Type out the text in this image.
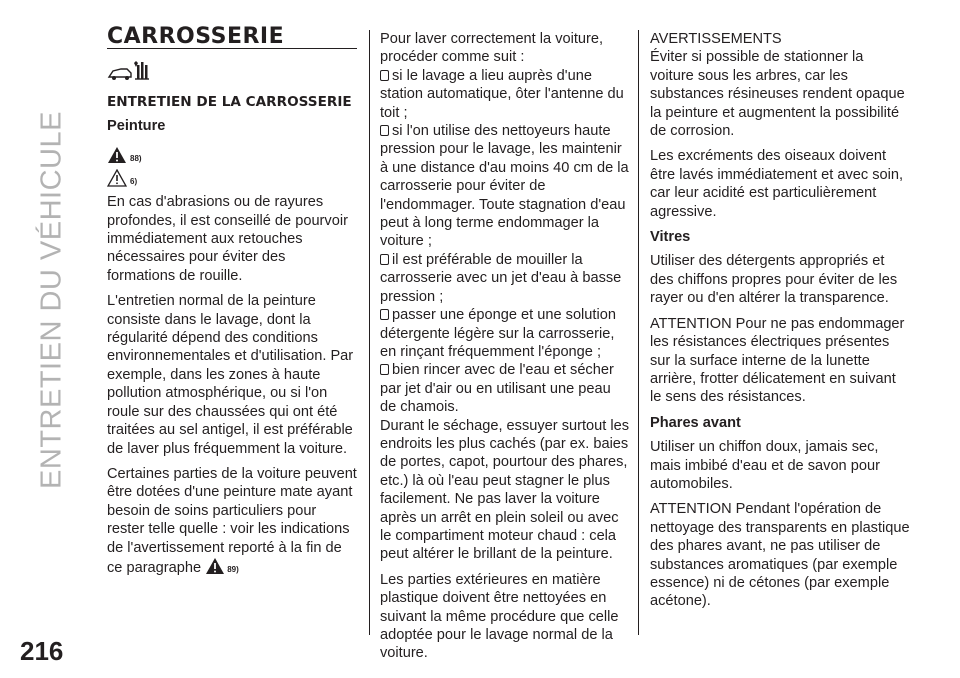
ENTRETIEN DU VÉHICULE
216
CARROSSERIE
ENTRETIEN DE LA CARROSSERIE

Peinture

88)
6)

En cas d'abrasions ou de rayures profondes, il est conseillé de pourvoir immédiatement aux retouches nécessaires pour éviter des formations de rouille.

L'entretien normal de la peinture consiste dans le lavage, dont la régularité dépend des conditions environnementales et d'utilisation. Par exemple, dans les zones à haute pollution atmosphérique, ou si l'on roule sur des chaussées qui ont été traitées au sel antigel, il est préférable de laver plus fréquemment la voiture.

Certaines parties de la voiture peuvent être dotées d'une peinture mate ayant besoin de soins particuliers pour rester telle quelle : voir les indications de l'avertissement reporté à la fin de ce paragraphe	89)

Pour laver correctement la voiture, procéder comme suit :

si le lavage a lieu auprès d'une station automatique, ôter l'antenne du toit ;

si l'on utilise des nettoyeurs haute pression pour le lavage, les maintenir à une distance d'au moins 40 cm de la carrosserie pour éviter de l'endommager. Toute stagnation d'eau peut à long terme endommager la voiture ;

il est préférable de mouiller la carrosserie avec un jet d'eau à basse pression ;

passer une éponge et une solution détergente légère sur la carrosserie, en rinçant fréquemment l'éponge ;

bien rincer avec de l'eau et sécher par jet d'air ou en utilisant une peau de chamois.

Durant le séchage, essuyer surtout les endroits les plus cachés (par ex. baies de portes, capot, pourtour des phares, etc.) là où l'eau peut stagner le plus facilement. Ne pas laver la voiture après un arrêt en plein soleil ou avec le compartiment moteur chaud : cela peut altérer le brillant de la peinture.

Les parties extérieures en matière plastique doivent être nettoyées en suivant la même procédure que celle adoptée pour le lavage normal de la voiture.

AVERTISSEMENTS

Éviter si possible de stationner la voiture sous les arbres, car les substances résineuses rendent opaque la peinture et augmentent la possibilité de corrosion.

Les excréments des oiseaux doivent être lavés immédiatement et avec soin, car leur acidité est particulièrement agressive.

Vitres

Utiliser des détergents appropriés et des chiffons propres pour éviter de les rayer ou d'en altérer la transparence.

ATTENTION Pour ne pas endommager les résistances électriques présentes sur la surface interne de la lunette arrière, frotter délicatement en suivant le sens des résistances.

Phares avant

Utiliser un chiffon doux, jamais sec, mais imbibé d'eau et de savon pour automobiles.

ATTENTION Pendant l'opération de nettoyage des transparents en plastique des phares avant, ne pas utiliser de substances aromatiques (par exemple essence) ni de cétones (par exemple acétone).
